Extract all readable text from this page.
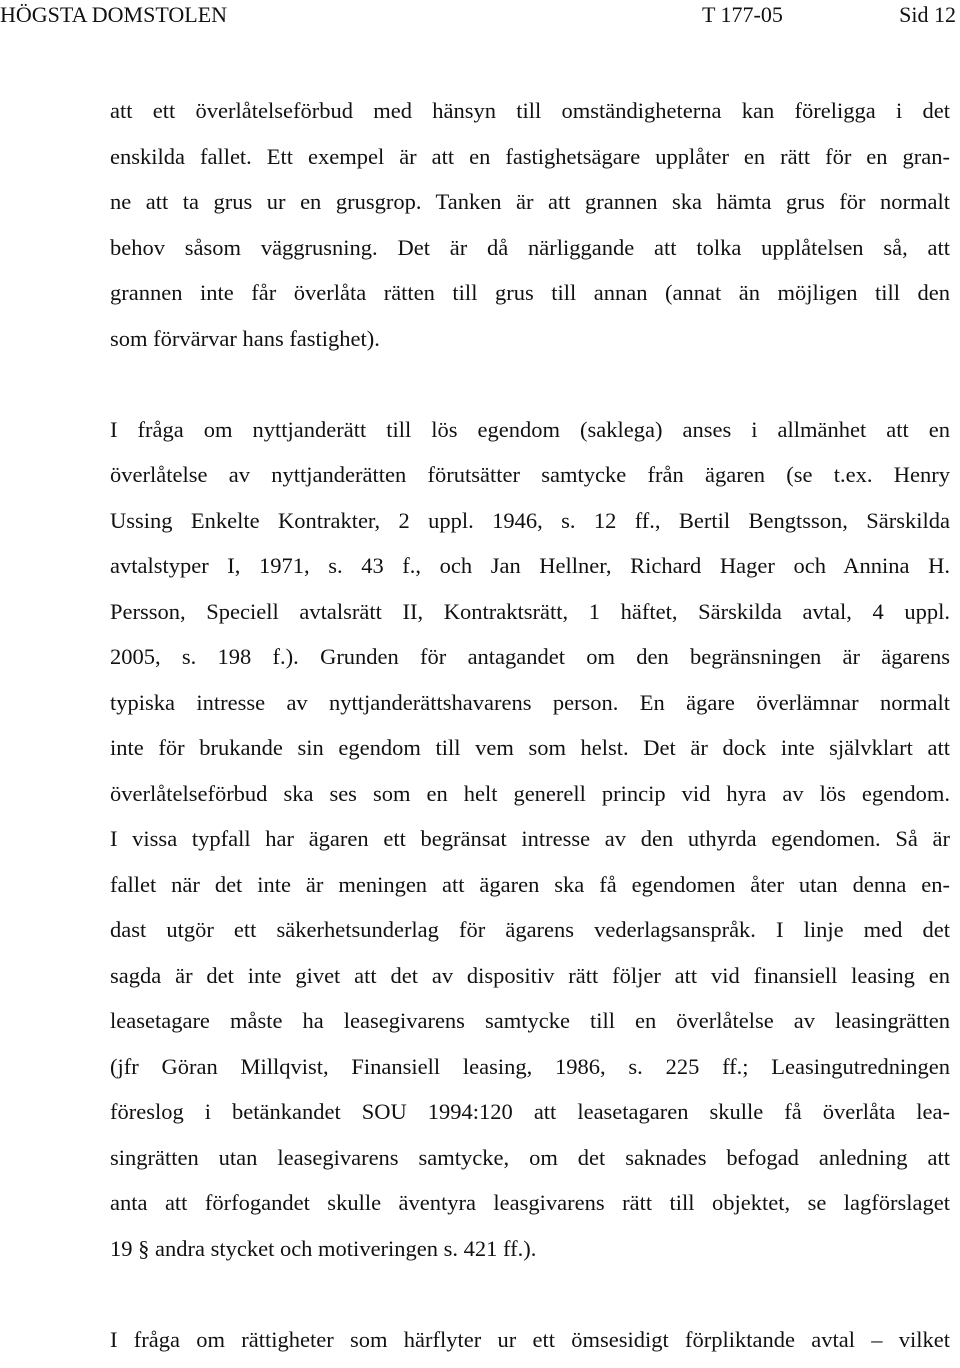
HÖGSTA DOMSTOLEN	T 177-05	Sid 12
att ett överlåtelseförbud med hänsyn till omständigheterna kan föreligga i det
enskilda fallet. Ett exempel är att en fastighetsägare upplåter en rätt för en gran-
ne att ta grus ur en grusgrop. Tanken är att grannen ska hämta grus för normalt
behov såsom väggrusning. Det är då närliggande att tolka upplåtelsen så, att
grannen inte får överlåta rätten till grus till annan (annat än möjligen till den
som förvärvar hans fastighet).
I fråga om nyttjanderätt till lös egendom (saklega) anses i allmänhet att en
överlåtelse av nyttjanderätten förutsätter samtycke från ägaren (se t.ex. Henry
Ussing Enkelte Kontrakter, 2 uppl. 1946, s. 12 ff., Bertil Bengtsson, Särskilda
avtalstyper I, 1971, s. 43 f., och Jan Hellner, Richard Hager och Annina H.
Persson, Speciell avtalsrätt II, Kontraktsrätt, 1 häftet, Särskilda avtal, 4 uppl.
2005, s. 198 f.). Grunden för antagandet om den begränsningen är ägarens
typiska intresse av nyttjanderättshavarens person. En ägare överlämnar normalt
inte för brukande sin egendom till vem som helst. Det är dock inte självklart att
överlåtelseförbud ska ses som en helt generell princip vid hyra av lös egendom.
I vissa typfall har ägaren ett begränsat intresse av den uthyrda egendomen. Så är
fallet när det inte är meningen att ägaren ska få egendomen åter utan denna en-
dast utgör ett säkerhetsunderlag för ägarens vederlagsanspråk. I linje med det
sagda är det inte givet att det av dispositiv rätt följer att vid finansiell leasing en
leasetagare måste ha leasegivarens samtycke till en överlåtelse av leasingrätten
(jfr Göran Millqvist, Finansiell leasing, 1986, s. 225 ff.; Leasingutredningen
föreslog i betänkandet SOU 1994:120 att leasetagaren skulle få överlåta lea-
singrätten utan leasegivarens samtycke, om det saknades befogad anledning att
anta att förfogandet skulle äventyra leasgivarens rätt till objektet, se lagförslaget
19 § andra stycket och motiveringen s. 421 ff.).
I fråga om rättigheter som härflyter ur ett ömsesidigt förpliktande avtal – vilket
